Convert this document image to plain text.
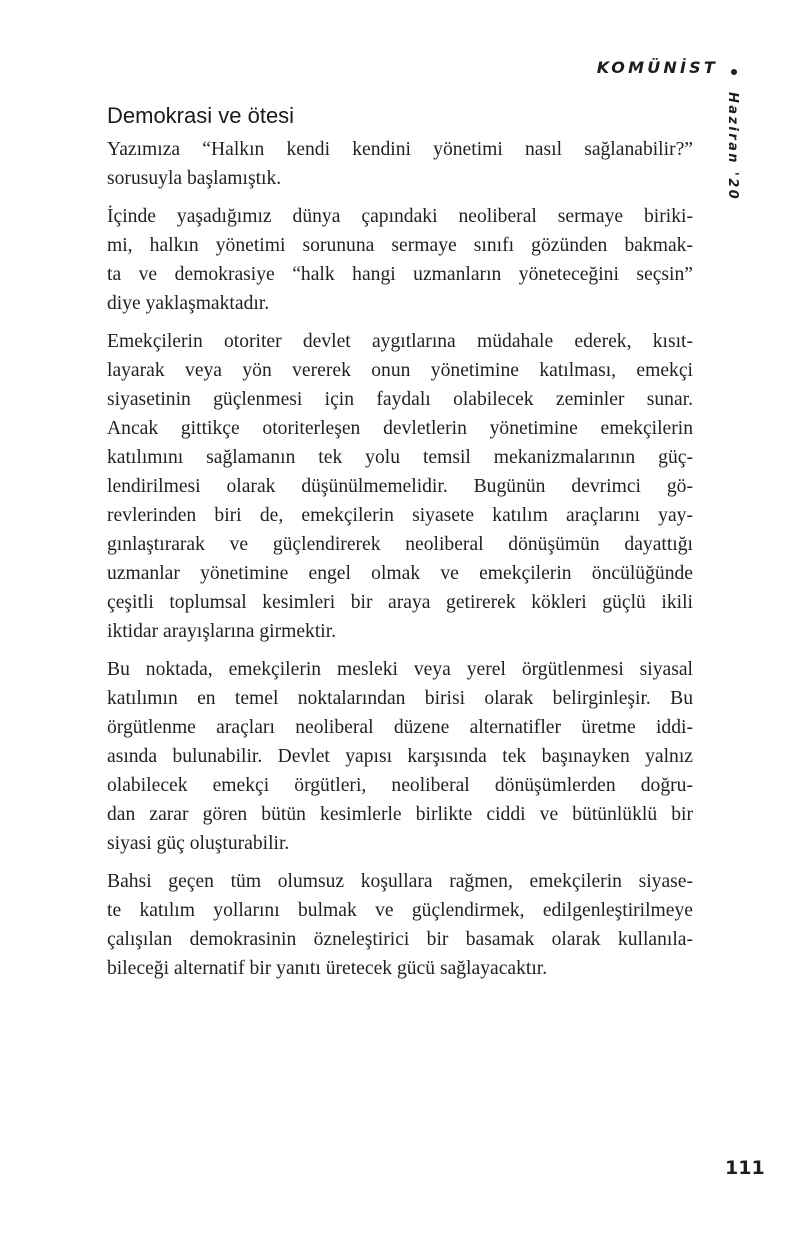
KOMÜNİST
Haziran '20
Demokrasi ve ötesi

Yazımıza “Halkın kendi kendini yönetimi nasıl sağlanabilir?”
sorusuyla başlamıştık.

İçinde yaşadığımız dünya çapındaki neoliberal sermaye biriki-
mi, halkın yönetimi sorununa sermaye sınıfı gözünden bakmak-
ta ve demokrasiye “halk hangi uzmanların yöneteceğini seçsin”
diye yaklaşmaktadır.

Emekçilerin otoriter devlet aygıtlarına müdahale ederek, kısıt-
layarak veya yön vererek onun yönetimine katılması, emekçi
siyasetinin güçlenmesi için faydalı olabilecek zeminler sunar.
Ancak gittikçe otoriterleşen devletlerin yönetimine emekçilerin
katılımını sağlamanın tek yolu temsil mekanizmalarının güç-
lendirilmesi olarak düşünülmemelidir. Bugünün devrimci gö-
revlerinden biri de, emekçilerin siyasete katılım araçlarını yay-
gınlaştırarak ve güçlendirerek neoliberal dönüşümün dayattığı
uzmanlar yönetimine engel olmak ve emekçilerin öncülüğünde
çeşitli toplumsal kesimleri bir araya getirerek kökleri güçlü ikili
iktidar arayışlarına girmektir.

Bu noktada, emekçilerin mesleki veya yerel örgütlenmesi siyasal
katılımın en temel noktalarından birisi olarak belirginleşir. Bu
örgütlenme araçları neoliberal düzene alternatifler üretme iddi-
asında bulunabilir. Devlet yapısı karşısında tek başınayken yalnız
olabilecek emekçi örgütleri, neoliberal dönüşümlerden doğru-
dan zarar gören bütün kesimlerle birlikte ciddi ve bütünlüklü bir
siyasi güç oluşturabilir.

Bahsi geçen tüm olumsuz koşullara rağmen, emekçilerin siyase-
te katılım yollarını bulmak ve güçlendirmek, edilgenleştirilmeye
çalışılan demokrasinin özneleştirici bir basamak olarak kullanıla-
bileceği alternatif bir yanıtı üretecek gücü sağlayacaktır.

111
